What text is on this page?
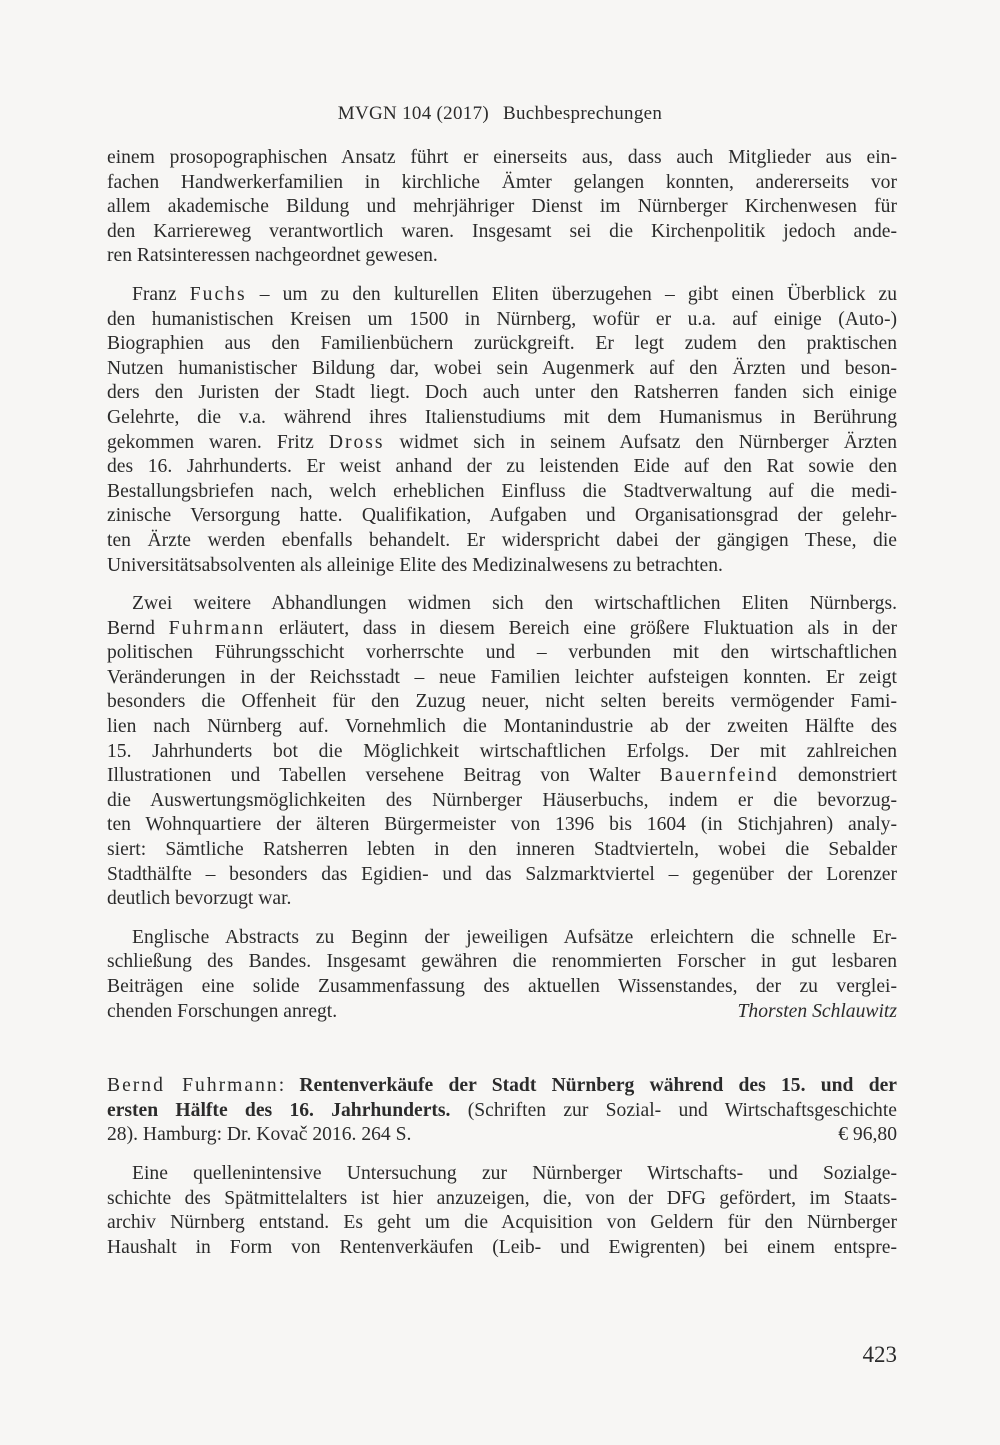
MVGN 104 (2017) Buchbesprechungen
einem prosopographischen Ansatz führt er einerseits aus, dass auch Mitglieder aus ein-
fachen Handwerkerfamilien in kirchliche Ämter gelangen konnten, andererseits vor
allem akademische Bildung und mehrjähriger Dienst im Nürnberger Kirchenwesen für
den Karriereweg verantwortlich waren. Insgesamt sei die Kirchenpolitik jedoch ande-
ren Ratsinteressen nachgeordnet gewesen.
Franz Fuchs – um zu den kulturellen Eliten überzugehen – gibt einen Überblick zu
den humanistischen Kreisen um 1500 in Nürnberg, wofür er u.a. auf einige (Auto-)
Biographien aus den Familienbüchern zurückgreift. Er legt zudem den praktischen
Nutzen humanistischer Bildung dar, wobei sein Augenmerk auf den Ärzten und beson-
ders den Juristen der Stadt liegt. Doch auch unter den Ratsherren fanden sich einige
Gelehrte, die v.a. während ihres Italienstudiums mit dem Humanismus in Berührung
gekommen waren. Fritz Dross widmet sich in seinem Aufsatz den Nürnberger Ärzten
des 16. Jahrhunderts. Er weist anhand der zu leistenden Eide auf den Rat sowie den
Bestallungsbriefen nach, welch erheblichen Einfluss die Stadtverwaltung auf die medi-
zinische Versorgung hatte. Qualifikation, Aufgaben und Organisationsgrad der gelehr-
ten Ärzte werden ebenfalls behandelt. Er widerspricht dabei der gängigen These, die
Universitätsabsolventen als alleinige Elite des Medizinalwesens zu betrachten.
Zwei weitere Abhandlungen widmen sich den wirtschaftlichen Eliten Nürnbergs.
Bernd Fuhrmann erläutert, dass in diesem Bereich eine größere Fluktuation als in der
politischen Führungsschicht vorherrschte und – verbunden mit den wirtschaftlichen
Veränderungen in der Reichsstadt – neue Familien leichter aufsteigen konnten. Er zeigt
besonders die Offenheit für den Zuzug neuer, nicht selten bereits vermögender Fami-
lien nach Nürnberg auf. Vornehmlich die Montanindustrie ab der zweiten Hälfte des
15. Jahrhunderts bot die Möglichkeit wirtschaftlichen Erfolgs. Der mit zahlreichen
Illustrationen und Tabellen versehene Beitrag von Walter Bauernfeind demonstriert
die Auswertungsmöglichkeiten des Nürnberger Häuserbuchs, indem er die bevorzug-
ten Wohnquartiere der älteren Bürgermeister von 1396 bis 1604 (in Stichjahren) analy-
siert: Sämtliche Ratsherren lebten in den inneren Stadtvierteln, wobei die Sebalder
Stadthälfte – besonders das Egidien- und das Salzmarktviertel – gegenüber der Lorenzer
deutlich bevorzugt war.
Englische Abstracts zu Beginn der jeweiligen Aufsätze erleichtern die schnelle Er-
schließung des Bandes. Insgesamt gewähren die renommierten Forscher in gut lesbaren
Beiträgen eine solide Zusammenfassung des aktuellen Wissenstandes, der zu verglei-
chenden Forschungen anregt.	Thorsten Schlauwitz
Bernd Fuhrmann: Rentenverkäufe der Stadt Nürnberg während des 15. und der
ersten Hälfte des 16. Jahrhunderts. (Schriften zur Sozial- und Wirtschaftsgeschichte
28). Hamburg: Dr. Kovač 2016. 264 S.	€ 96,80
Eine quellenintensive Untersuchung zur Nürnberger Wirtschafts- und Sozialge-
schichte des Spätmittelalters ist hier anzuzeigen, die, von der DFG gefördert, im Staats-
archiv Nürnberg entstand. Es geht um die Acquisition von Geldern für den Nürnberger
Haushalt in Form von Rentenverkäufen (Leib- und Ewigrenten) bei einem entspre-
423
